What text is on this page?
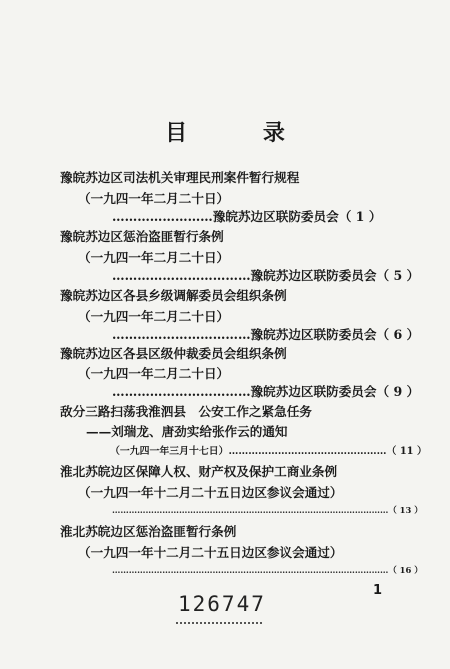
目 录
豫皖苏边区司法机关审理民刑案件暂行规程
（一九四一年二月二十日）
……………………豫皖苏边区联防委员会（ 1 ）
豫皖苏边区惩治盗匪暂行条例
（一九四一年二月二十日）
……………………………豫皖苏边区联防委员会（ 5 ）
豫皖苏边区各县乡级调解委员会组织条例
（一九四一年二月二十日）
……………………………豫皖苏边区联防委员会（ 6 ）
豫皖苏边区各县区级仲裁委员会组织条例
（一九四一年二月二十日）
……………………………豫皖苏边区联防委员会（ 9 ）
敌分三路扫荡我淮泗县　公安工作之紧急任务
——刘瑞龙、唐劲实给张作云的通知
（一九四一年三月十七日）…………………………………………（ 11 ）
淮北苏皖边区保障人权、财产权及保护工商业条例
（一九四一年十二月二十五日边区参议会通过）
………………………………………………………………………………………（ 13 ）
淮北苏皖边区惩治盗匪暂行条例
（一九四一年十二月二十五日边区参议会通过）
………………………………………………………………………………………（ 16 ）
1
126747
